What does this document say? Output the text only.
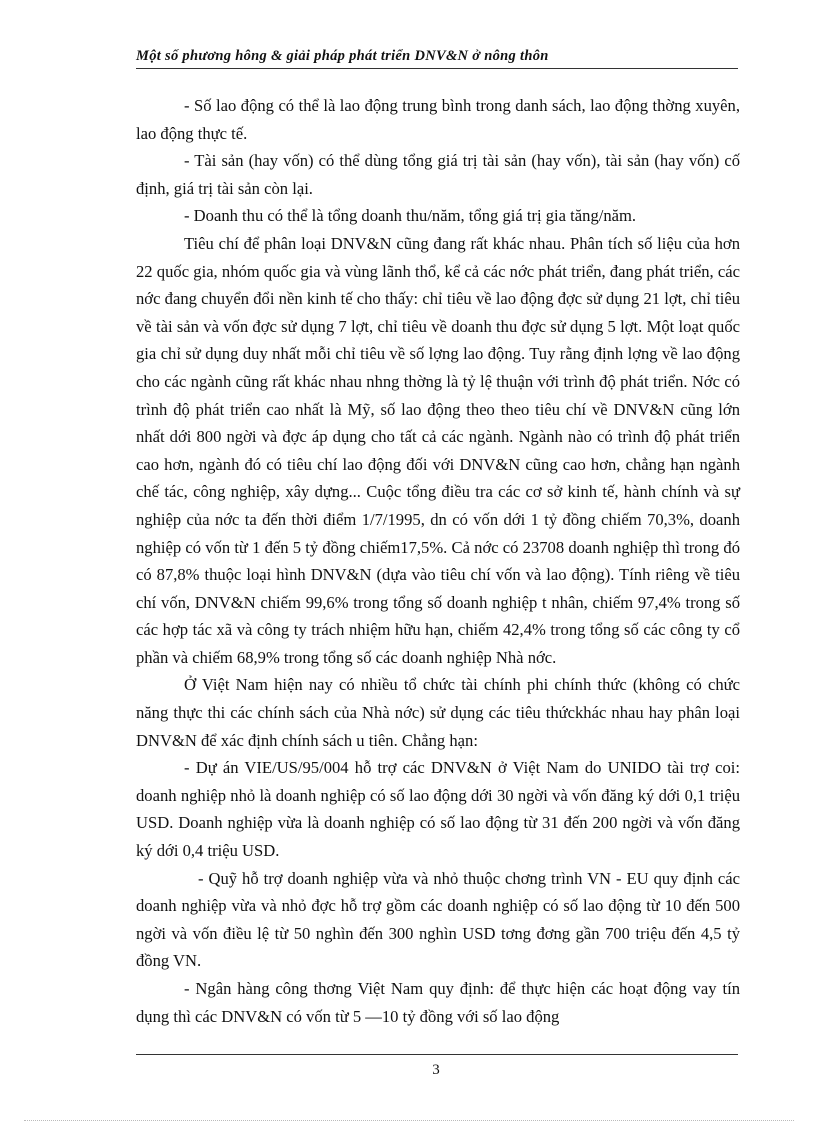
Một số phương hông & giải pháp phát triển DNV&N ở nông thôn

- Số lao động có thể là lao động trung bình trong danh sách, lao động thờng xuyên, lao động thực tế.

- Tài sản (hay vốn) có thể dùng tổng giá trị tài sản (hay vốn), tài sản (hay vốn) cố định, giá trị tài sản còn lại.

- Doanh thu có thể là tổng doanh thu/năm, tổng giá trị gia tăng/năm.

Tiêu chí để phân loại DNV&N cũng đang rất khác nhau. Phân tích số liệu của hơn 22 quốc gia, nhóm quốc gia và vùng lãnh thổ, kể cả các nớc phát triển, đang phát triển, các nớc đang chuyển đổi nền kinh tế cho thấy: chỉ tiêu về lao động đợc sử dụng 21 lợt, chỉ tiêu về tài sản và vốn đợc sử dụng 7 lợt, chỉ tiêu về doanh thu đợc sử dụng 5 lợt. Một loạt quốc gia chỉ sử dụng duy nhất mỗi chỉ tiêu về số lợng lao động. Tuy rằng định lợng về lao động cho các ngành cũng rất khác nhau nhng thờng là tỷ lệ thuận với trình độ phát triển. Nớc có trình độ phát triển cao nhất là Mỹ, số lao động theo theo tiêu chí về DNV&N cũng lớn nhất dới 800 ngời và đợc áp dụng cho tất cả các ngành. Ngành nào có trình độ phát triển cao hơn, ngành đó có tiêu chí lao động đối với DNV&N cũng cao hơn, chẳng hạn ngành chế tác, công nghiệp, xây dựng... Cuộc tổng điều tra các cơ sở kinh tế, hành chính và sự nghiệp của nớc ta đến thời điểm 1/7/1995, dn có vốn dới 1 tỷ đồng chiếm 70,3%, doanh nghiệp có vốn từ 1 đến 5 tỷ đồng chiếm17,5%. Cả nớc có 23708 doanh nghiệp thì trong đó có 87,8% thuộc loại hình DNV&N (dựa vào tiêu chí vốn và lao động). Tính riêng về tiêu chí vốn, DNV&N chiếm 99,6% trong tổng số doanh nghiệp t nhân, chiếm 97,4% trong số các hợp tác xã và công ty trách nhiệm hữu hạn, chiếm 42,4% trong tổng số các công ty cổ phần và chiếm 68,9% trong tổng số các doanh nghiệp Nhà nớc.

Ở Việt Nam hiện nay có nhiều tổ chức tài chính phi chính thức (không có chức năng thực thi các chính sách của Nhà nớc) sử dụng các tiêu thứckhác nhau hay phân loại DNV&N để xác định chính sách u tiên. Chẳng hạn:

- Dự án VIE/US/95/004 hỗ trợ các DNV&N ở Việt Nam do UNIDO tài trợ coi: doanh nghiệp nhỏ là doanh nghiệp có số lao động dới 30 ngời và vốn đăng ký dới 0,1 triệu USD. Doanh nghiệp vừa là doanh nghiệp có số lao động từ 31 đến 200 ngời và vốn đăng ký dới 0,4 triệu USD.

- Quỹ hỗ trợ doanh nghiệp vừa và nhỏ thuộc chơng trình VN - EU quy định các doanh nghiệp vừa và nhỏ đợc hỗ trợ gồm các doanh nghiệp có số lao động từ 10 đến 500 ngời và vốn điều lệ từ 50 nghìn đến 300 nghìn USD tơng đơng gần 700 triệu đến 4,5 tỷ đồng VN.

- Ngân hàng công thơng Việt Nam quy định: để thực hiện các hoạt động vay tín dụng thì các DNV&N có vốn từ 5 —10 tỷ đồng với số lao động

3
